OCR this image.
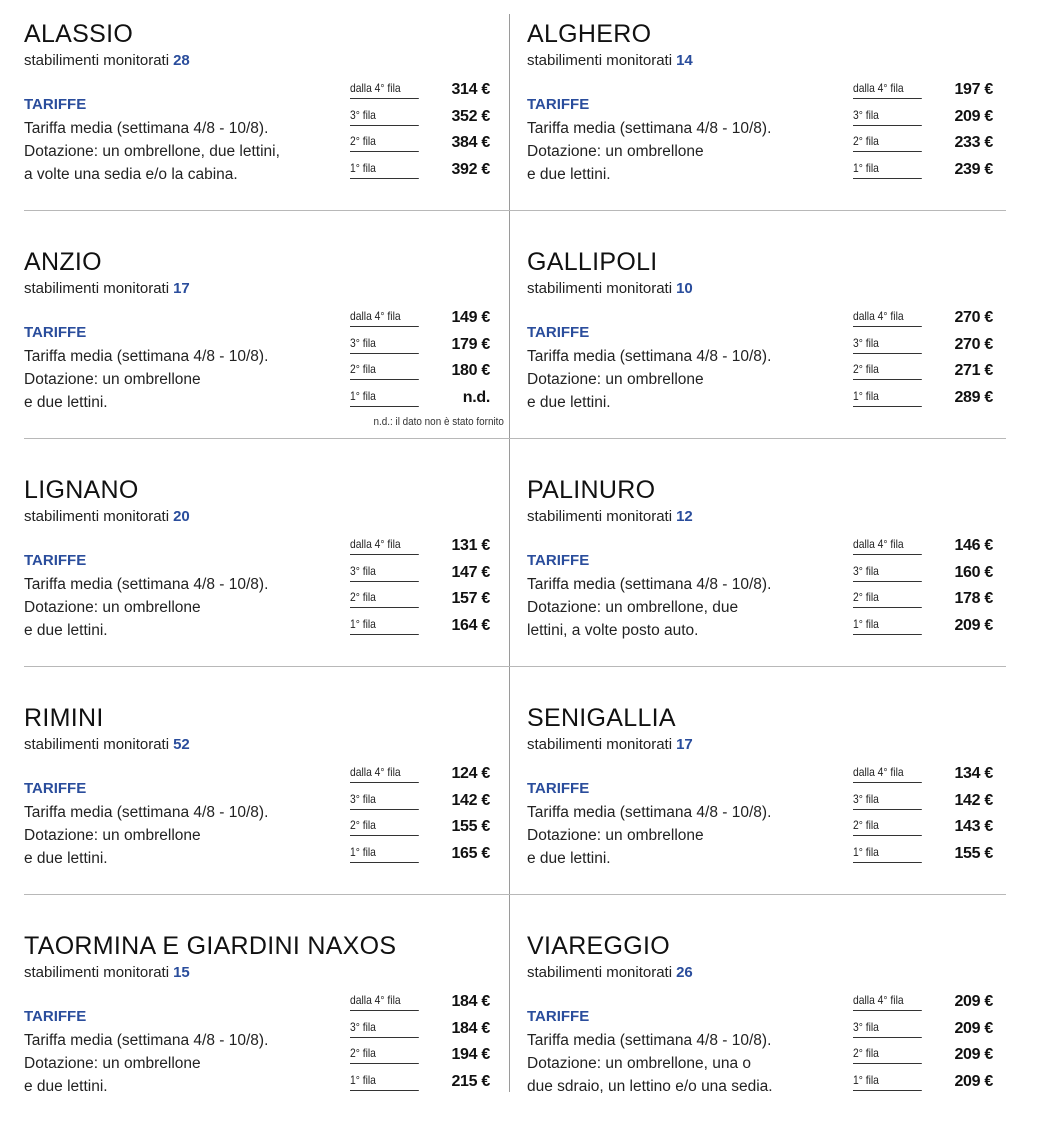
ALASSIO
stabilimenti monitorati 28
TARIFFE
Tariffa media (settimana 4/8 - 10/8).
Dotazione: un ombrellone, due lettini,
a volte una sedia e/o la cabina.
dalla 4° fila	314 €
3° fila	352 €
2° fila	384 €
1° fila	392 €
ALGHERO
stabilimenti monitorati 14
TARIFFE
Tariffa media (settimana 4/8 - 10/8).
Dotazione: un ombrellone
e due lettini.
dalla 4° fila	197 €
3° fila	209 €
2° fila	233 €
1° fila	239 €
ANZIO
stabilimenti monitorati 17
TARIFFE
Tariffa media (settimana 4/8 - 10/8).
Dotazione: un ombrellone
e due lettini.
dalla 4° fila	149 €
3° fila	179 €
2° fila	180 €
1° fila	n.d.
n.d.: il dato non è stato fornito
GALLIPOLI
stabilimenti monitorati 10
TARIFFE
Tariffa media (settimana 4/8 - 10/8).
Dotazione: un ombrellone
e due lettini.
dalla 4° fila	270 €
3° fila	270 €
2° fila	271 €
1° fila	289 €
LIGNANO
stabilimenti monitorati 20
TARIFFE
Tariffa media (settimana 4/8 - 10/8).
Dotazione: un ombrellone
e due lettini.
dalla 4° fila	131 €
3° fila	147 €
2° fila	157 €
1° fila	164 €
PALINURO
stabilimenti monitorati 12
TARIFFE
Tariffa media (settimana 4/8 - 10/8).
Dotazione: un ombrellone, due
lettini, a volte posto auto.
dalla 4° fila	146 €
3° fila	160 €
2° fila	178 €
1° fila	209 €
RIMINI
stabilimenti monitorati 52
TARIFFE
Tariffa media (settimana 4/8 - 10/8).
Dotazione: un ombrellone
e due lettini.
dalla 4° fila	124 €
3° fila	142 €
2° fila	155 €
1° fila	165 €
SENIGALLIA
stabilimenti monitorati 17
TARIFFE
Tariffa media (settimana 4/8 - 10/8).
Dotazione: un ombrellone
e due lettini.
dalla 4° fila	134 €
3° fila	142 €
2° fila	143 €
1° fila	155 €
TAORMINA E GIARDINI NAXOS
stabilimenti monitorati 15
TARIFFE
Tariffa media (settimana 4/8 - 10/8).
Dotazione: un ombrellone
e due lettini.
dalla 4° fila	184 €
3° fila	184 €
2° fila	194 €
1° fila	215 €
VIAREGGIO
stabilimenti monitorati 26
TARIFFE
Tariffa media (settimana 4/8 - 10/8).
Dotazione: un ombrellone, una o
due sdraio, un lettino e/o una sedia.
dalla 4° fila	209 €
3° fila	209 €
2° fila	209 €
1° fila	209 €
